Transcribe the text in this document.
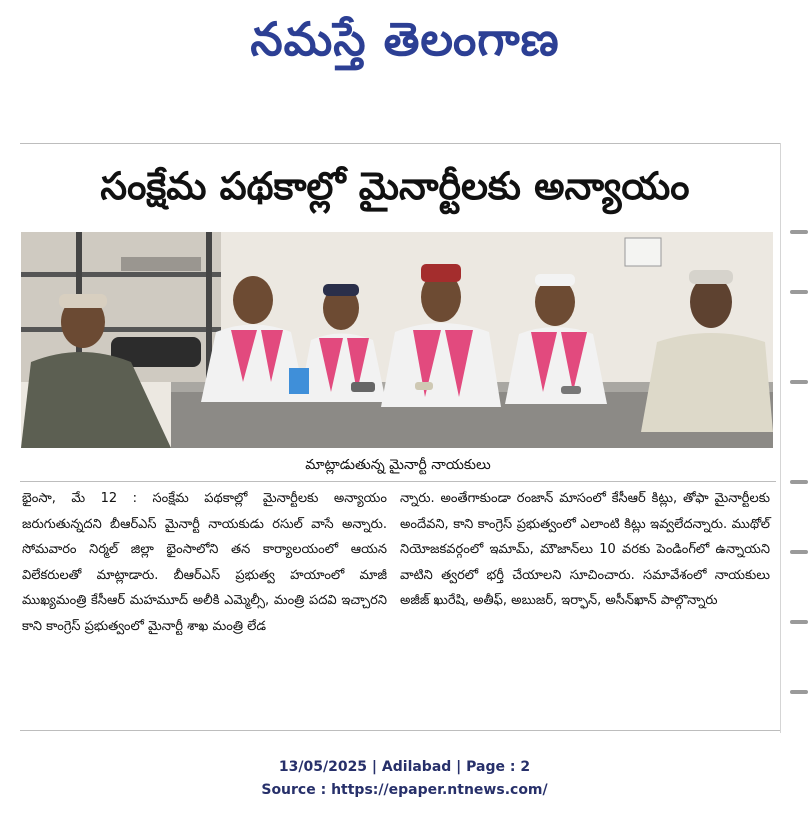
నమస్తే తెలంగాణ
సంక్షేమ పథకాల్లో మైనార్టీలకు అన్యాయం
మాట్లాడుతున్న మైనార్టీ నాయకులు

భైంసా, మే 12 : సంక్షేమ పథకాల్లో మైనార్టీలకు అన్యాయం జరుగుతున్నదని బీఆర్‌ఎస్ మైనార్టీ నాయకుడు రసుల్ వాసే అన్నారు. సోమవారం నిర్మల్ జిల్లా భైంసాలోని తన కార్యాలయంలో ఆయన విలేకరులతో మాట్లాడారు. బీఆర్‌ఎస్ ప్రభుత్వ హయాంలో మాజీ ముఖ్యమంత్రి కేసీఆర్ మహమూద్ అలీకి ఎమ్మెల్సీ, మంత్రి పదవి ఇచ్చారని కాని కాంగ్రెస్ ప్రభుత్వంలో మైనార్టీ శాఖ మంత్రి లేడ

న్నారు. అంతేగాకుండా రంజాన్ మాసంలో కేసీఆర్ కిట్లు, తోఫా మైనార్టీలకు అందేవని, కాని కాంగ్రెస్ ప్రభుత్వంలో ఎలాంటి కిట్లు ఇవ్వలేదన్నారు. ముథోల్ నియోజకవర్గంలో ఇమామ్, మౌజాన్‌లు 10 వరకు పెండింగ్‌లో ఉన్నాయని వాటిని త్వరలో భర్తీ చేయాలని సూచించారు. సమావేశంలో నాయకులు అజీజ్ ఖురేషి, అతీఫ్, అబుజర్, ఇర్ఫాన్, అసీన్‌ఖాన్ పాల్గొన్నారు

13/05/2025 | Adilabad | Page : 2
Source : https://epaper.ntnews.com/
